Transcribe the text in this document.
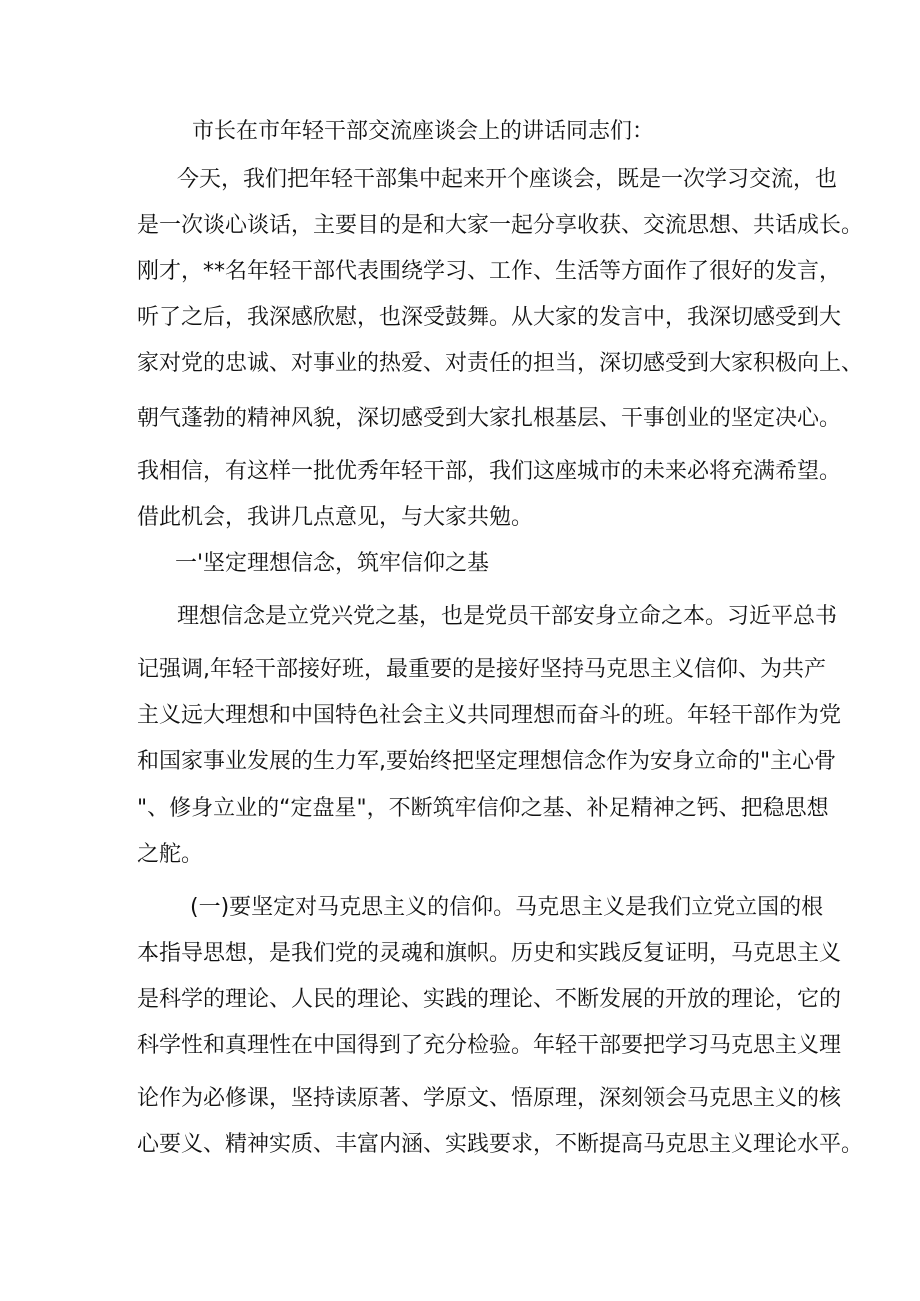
市长在市年轻干部交流座谈会上的讲话同志们：
今天，我们把年轻干部集中起来开个座谈会，既是一次学习交流，也
是一次谈心谈话，主要目的是和大家一起分享收获、交流思想、共话成长。
刚才，**名年轻干部代表围绕学习、工作、生活等方面作了很好的发言，
听了之后，我深感欣慰，也深受鼓舞。从大家的发言中，我深切感受到大
家对党的忠诚、对事业的热爱、对责任的担当，深切感受到大家积极向上、
朝气蓬勃的精神风貌，深切感受到大家扎根基层、干事创业的坚定决心。
我相信，有这样一批优秀年轻干部，我们这座城市的未来必将充满希望。
借此机会，我讲几点意见，与大家共勉。
一'坚定理想信念，筑牢信仰之基
理想信念是立党兴党之基，也是党员干部安身立命之本。习近平总书
记强调,年轻干部接好班，最重要的是接好坚持马克思主义信仰、为共产
主义远大理想和中国特色社会主义共同理想而奋斗的班。年轻干部作为党
和国家事业发展的生力军,要始终把坚定理想信念作为安身立命的"主心骨
"、修身立业的“定盘星"，不断筑牢信仰之基、补足精神之钙、把稳思想
之舵。
(一)要坚定对马克思主义的信仰。马克思主义是我们立党立国的根
本指导思想，是我们党的灵魂和旗帜。历史和实践反复证明，马克思主义
是科学的理论、人民的理论、实践的理论、不断发展的开放的理论，它的
科学性和真理性在中国得到了充分检验。年轻干部要把学习马克思主义理
论作为必修课，坚持读原著、学原文、悟原理，深刻领会马克思主义的核
心要义、精神实质、丰富内涵、实践要求，不断提高马克思主义理论水平。
